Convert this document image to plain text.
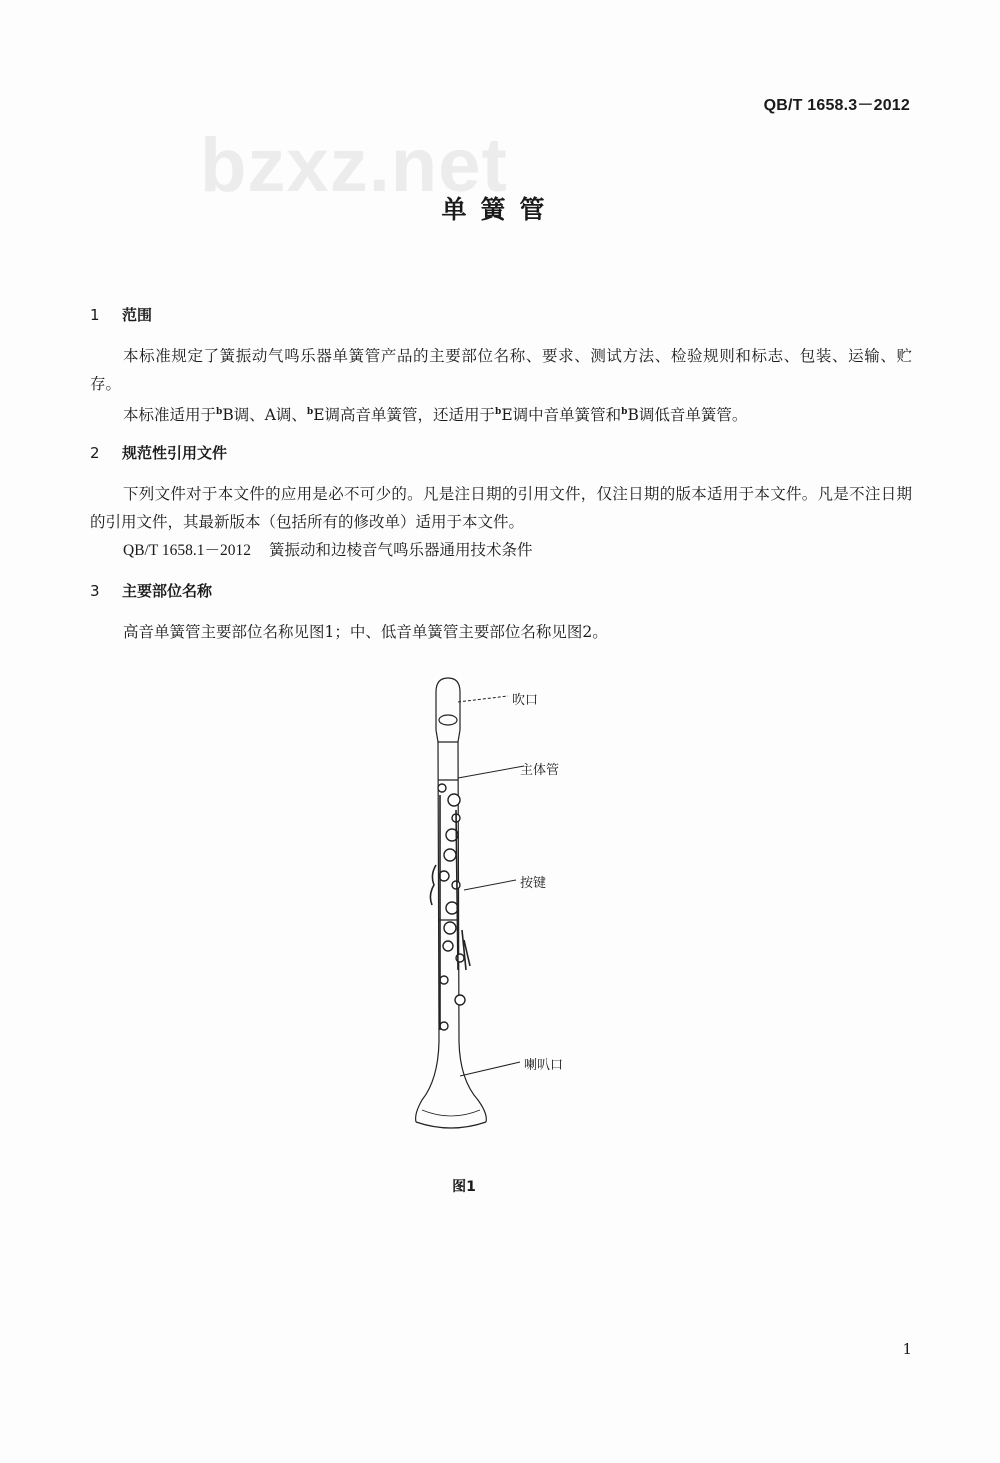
bzxz.net
QB/T 1658.3－2012
单簧管
1 范围
本标准规定了簧振动气鸣乐器单簧管产品的主要部位名称、要求、测试方法、检验规则和标志、包装、运输、贮存。
本标准适用于$^b$B调、A调、$^b$E调高音单簧管，还适用于$^b$E调中音单簧管和$^b$B调低音单簧管。
2 规范性引用文件
下列文件对于本文件的应用是必不可少的。凡是注日期的引用文件，仅注日期的版本适用于本文件。凡是不注日期的引用文件，其最新版本（包括所有的修改单）适用于本文件。
QB/T 1658.1－2012 簧振动和边棱音气鸣乐器通用技术条件
3 主要部位名称
高音单簧管主要部位名称见图1；中、低音单簧管主要部位名称见图2。
吹口
主体管
按键
喇叭口
图1
1
